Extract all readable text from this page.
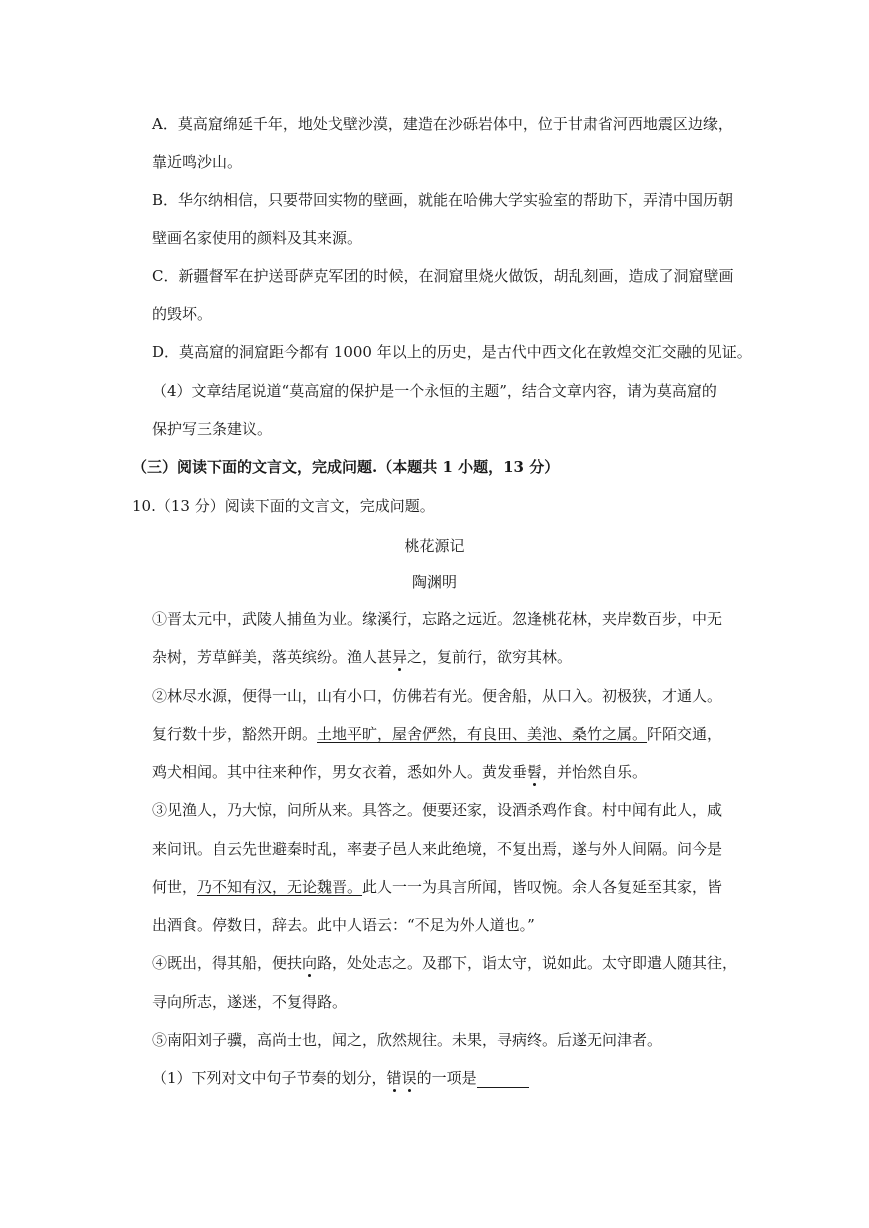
A．莫高窟绵延千年，地处戈壁沙漠，建造在沙砾岩体中，位于甘肃省河西地震区边缘，
靠近鸣沙山。
B．华尔纳相信，只要带回实物的壁画，就能在哈佛大学实验室的帮助下，弄清中国历朝
壁画名家使用的颜料及其来源。
C．新疆督军在护送哥萨克军团的时候，在洞窟里烧火做饭，胡乱刻画，造成了洞窟壁画
的毁坏。
D．莫高窟的洞窟距今都有 1000 年以上的历史，是古代中西文化在敦煌交汇交融的见证。
（4）文章结尾说道“莫高窟的保护是一个永恒的主题”，结合文章内容，请为莫高窟的
保护写三条建议。
（三）阅读下面的文言文，完成问题.（本题共 1 小题，13 分）
10.（13 分）阅读下面的文言文，完成问题。
桃花源记
陶渊明
①晋太元中，武陵人捕鱼为业。缘溪行，忘路之远近。忽逢桃花林，夹岸数百步，中无
杂树，芳草鲜美，落英缤纷。渔人甚异之，复前行，欲穷其林。
②林尽水源，便得一山，山有小口，仿佛若有光。便舍船，从口入。初极狭，才通人。
复行数十步，豁然开朗。土地平旷，屋舍俨然，有良田、美池、桑竹之属。阡陌交通，
鸡犬相闻。其中往来种作，男女衣着，悉如外人。黄发垂髫，并怡然自乐。
③见渔人，乃大惊，问所从来。具答之。便要还家，设酒杀鸡作食。村中闻有此人，咸
来问讯。自云先世避秦时乱，率妻子邑人来此绝境，不复出焉，遂与外人间隔。问今是
何世，乃不知有汉，无论魏晋。此人一一为具言所闻，皆叹惋。余人各复延至其家，皆
出酒食。停数日，辞去。此中人语云：“不足为外人道也。”
④既出，得其船，便扶向路，处处志之。及郡下，诣太守，说如此。太守即遣人随其往，
寻向所志，遂迷，不复得路。
⑤南阳刘子骥，高尚士也，闻之，欣然规往。未果，寻病终。后遂无问津者。
（1）下列对文中句子节奏的划分，错误的一项是
